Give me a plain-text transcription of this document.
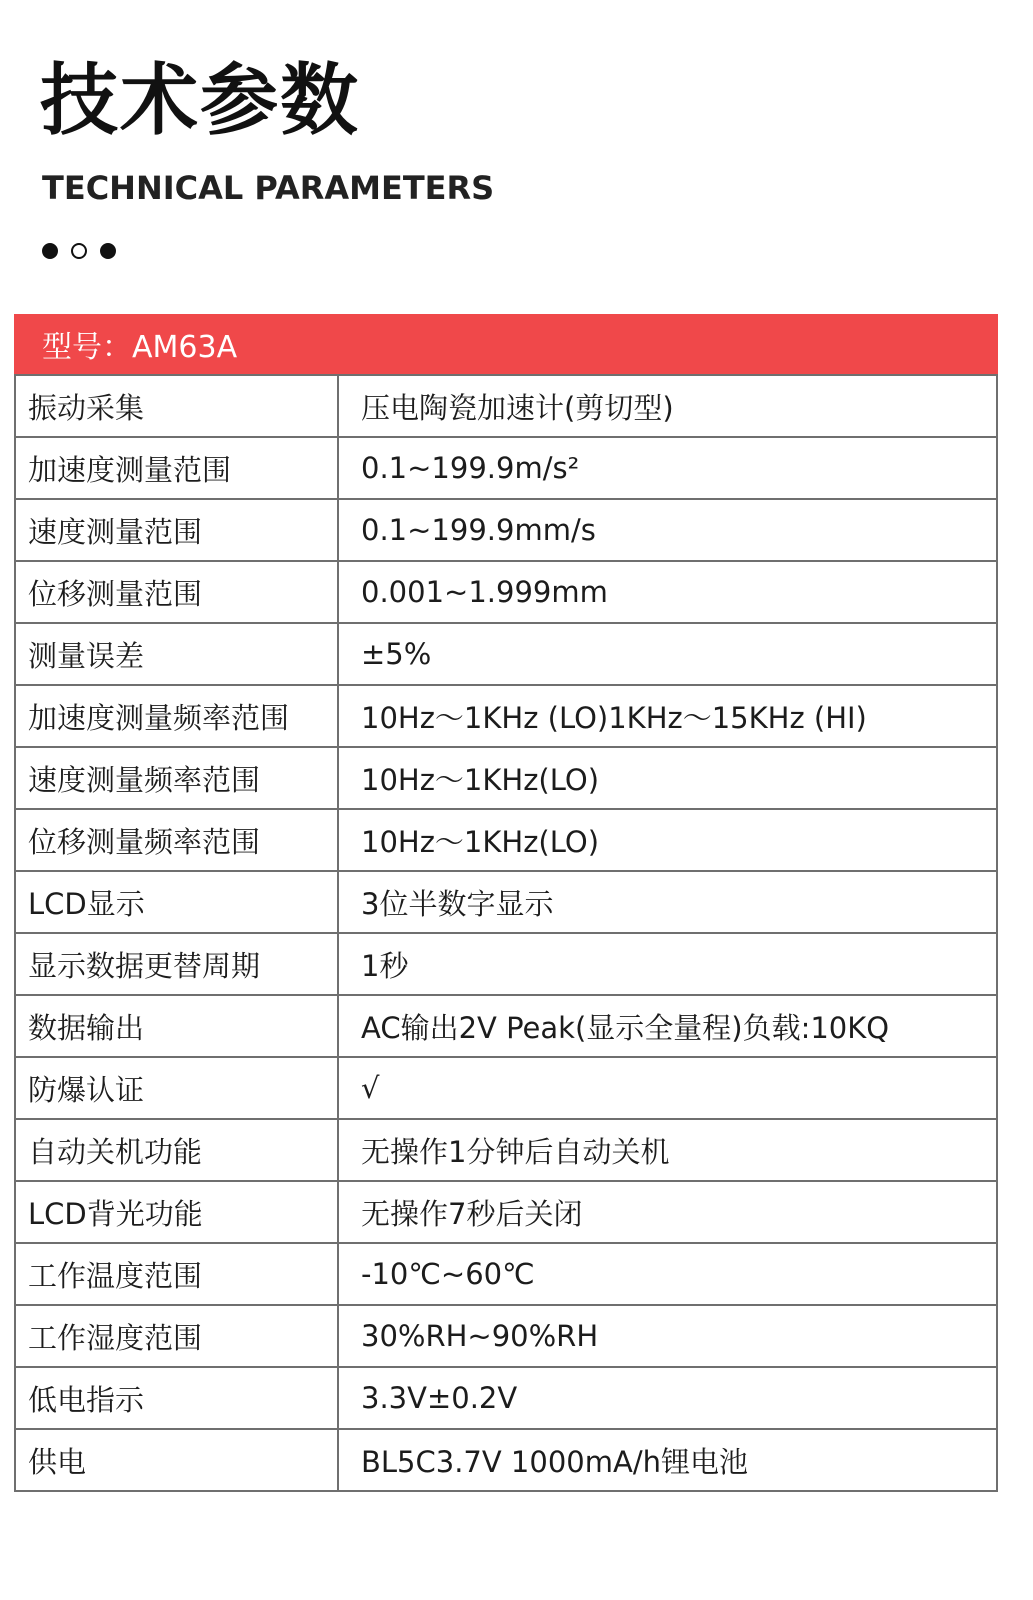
技术参数
TECHNICAL PARAMETERS
型号：AM63A
振动采集	压电陶瓷加速计(剪切型)
加速度测量范围	0.1~199.9m/s²
速度测量范围	0.1~199.9mm/s
位移测量范围	0.001~1.999mm
测量误差	±5%
加速度测量频率范围	10Hz～1KHz (LO)1KHz～15KHz (HI)
速度测量频率范围	10Hz～1KHz(LO)
位移测量频率范围	10Hz～1KHz(LO)
LCD显示	3位半数字显示
显示数据更替周期	1秒
数据输出	AC输出2V Peak(显示全量程)负载:10KQ
防爆认证	√
自动关机功能	无操作1分钟后自动关机
LCD背光功能	无操作7秒后关闭
工作温度范围	-10℃~60℃
工作湿度范围	30%RH~90%RH
低电指示	3.3V±0.2V
供电	BL5C3.7V 1000mA/h锂电池
